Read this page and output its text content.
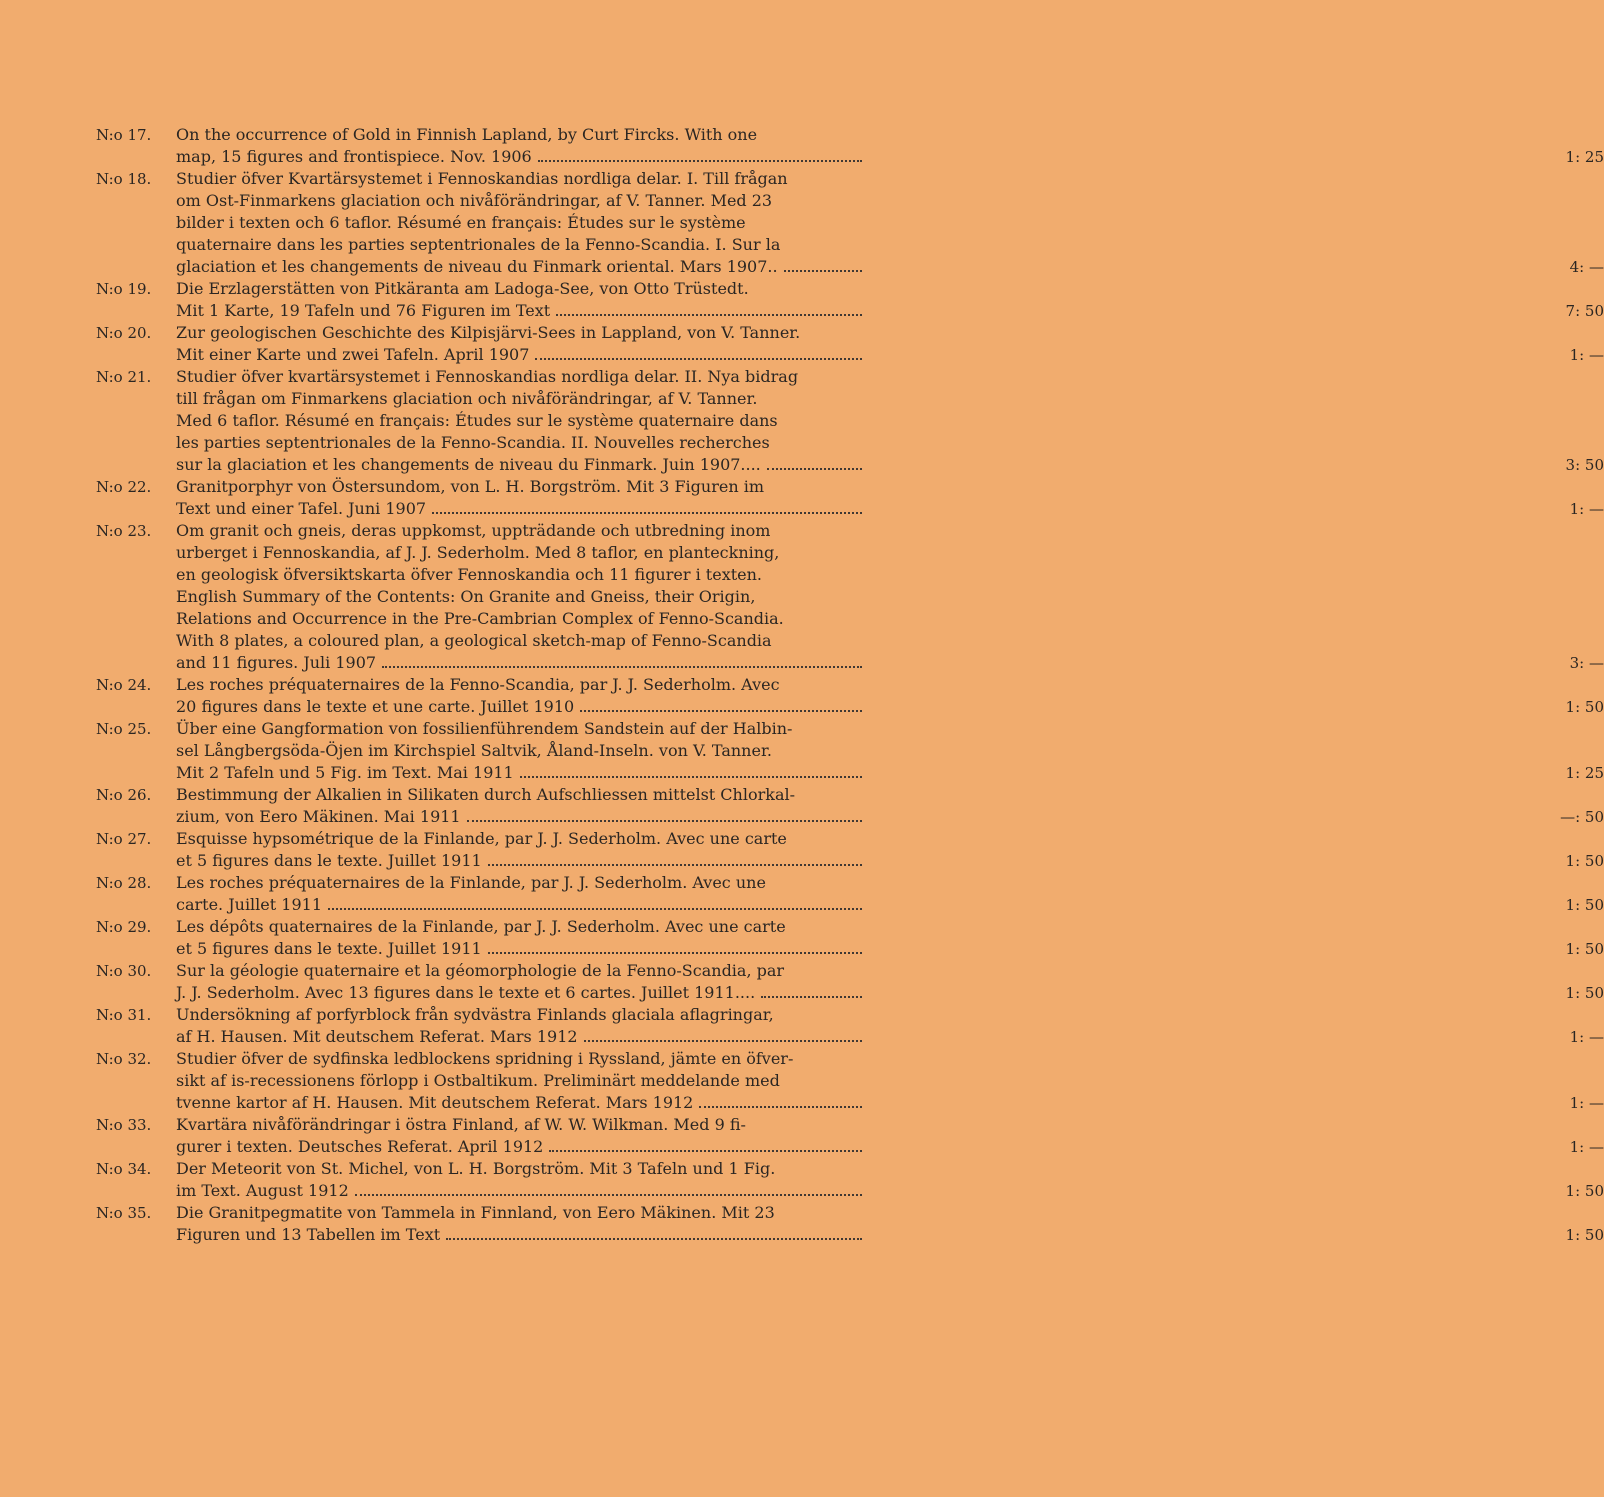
N:o 17. On the occurrence of Gold in Finnish Lapland, by Curt Fircks. With one
map, 15 figures and frontispiece. Nov. 1906	1: 25
N:o 18. Studier öfver Kvartärsystemet i Fennoskandias nordliga delar. I. Till frågan
om Ost-Finmarkens glaciation och nivåförändringar, af V. Tanner. Med 23
bilder i texten och 6 taflor. Résumé en français: Études sur le système
quaternaire dans les parties septentrionales de la Fenno-Scandia. I. Sur la
glaciation et les changements de niveau du Finmark oriental. Mars 1907..	4: —
N:o 19. Die Erzlagerstätten von Pitkäranta am Ladoga-See, von Otto Trüstedt.
Mit 1 Karte, 19 Tafeln und 76 Figuren im Text	7: 50
N:o 20. Zur geologischen Geschichte des Kilpisjärvi-Sees in Lappland, von V. Tanner.
Mit einer Karte und zwei Tafeln. April 1907	1: —
N:o 21. Studier öfver kvartärsystemet i Fennoskandias nordliga delar. II. Nya bidrag
till frågan om Finmarkens glaciation och nivåförändringar, af V. Tanner.
Med 6 taflor. Résumé en français: Études sur le système quaternaire dans
les parties septentrionales de la Fenno-Scandia. II. Nouvelles recherches
sur la glaciation et les changements de niveau du Finmark. Juin 1907....	3: 50
N:o 22. Granitporphyr von Östersundom, von L. H. Borgström. Mit 3 Figuren im
Text und einer Tafel. Juni 1907	1: —
N:o 23. Om granit och gneis, deras uppkomst, uppträdande och utbredning inom
urberget i Fennoskandia, af J. J. Sederholm. Med 8 taflor, en planteckning,
en geologisk öfversiktskarta öfver Fennoskandia och 11 figurer i texten.
English Summary of the Contents: On Granite and Gneiss, their Origin,
Relations and Occurrence in the Pre-Cambrian Complex of Fenno-Scandia.
With 8 plates, a coloured plan, a geological sketch-map of Fenno-Scandia
and 11 figures. Juli 1907	3: —
N:o 24. Les roches préquaternaires de la Fenno-Scandia, par J. J. Sederholm. Avec
20 figures dans le texte et une carte. Juillet 1910	1: 50
N:o 25. Über eine Gangformation von fossilienführendem Sandstein auf der Halbin-
sel Långbergsöda-Öjen im Kirchspiel Saltvik, Åland-Inseln. von V. Tanner.
Mit 2 Tafeln und 5 Fig. im Text. Mai 1911	1: 25
N:o 26. Bestimmung der Alkalien in Silikaten durch Aufschliessen mittelst Chlorkal-
zium, von Eero Mäkinen. Mai 1911	—: 50
N:o 27. Esquisse hypsométrique de la Finlande, par J. J. Sederholm. Avec une carte
et 5 figures dans le texte. Juillet 1911	1: 50
N:o 28. Les roches préquaternaires de la Finlande, par J. J. Sederholm. Avec une
carte. Juillet 1911	1: 50
N:o 29. Les dépôts quaternaires de la Finlande, par J. J. Sederholm. Avec une carte
et 5 figures dans le texte. Juillet 1911	1: 50
N:o 30. Sur la géologie quaternaire et la géomorphologie de la Fenno-Scandia, par
J. J. Sederholm. Avec 13 figures dans le texte et 6 cartes. Juillet 1911....	1: 50
N:o 31. Undersökning af porfyrblock från sydvästra Finlands glaciala aflagringar,
af H. Hausen. Mit deutschem Referat. Mars 1912	1: —
N:o 32. Studier öfver de sydfinska ledblockens spridning i Ryssland, jämte en öfver-
sikt af is-recessionens förlopp i Ostbaltikum. Preliminärt meddelande med
tvenne kartor af H. Hausen. Mit deutschem Referat. Mars 1912	1: —
N:o 33. Kvartära nivåförändringar i östra Finland, af W. W. Wilkman. Med 9 fi-
gurer i texten. Deutsches Referat. April 1912	1: —
N:o 34. Der Meteorit von St. Michel, von L. H. Borgström. Mit 3 Tafeln und 1 Fig.
im Text. August 1912	1: 50
N:o 35. Die Granitpegmatite von Tammela in Finnland, von Eero Mäkinen. Mit 23
Figuren und 13 Tabellen im Text	1: 50
